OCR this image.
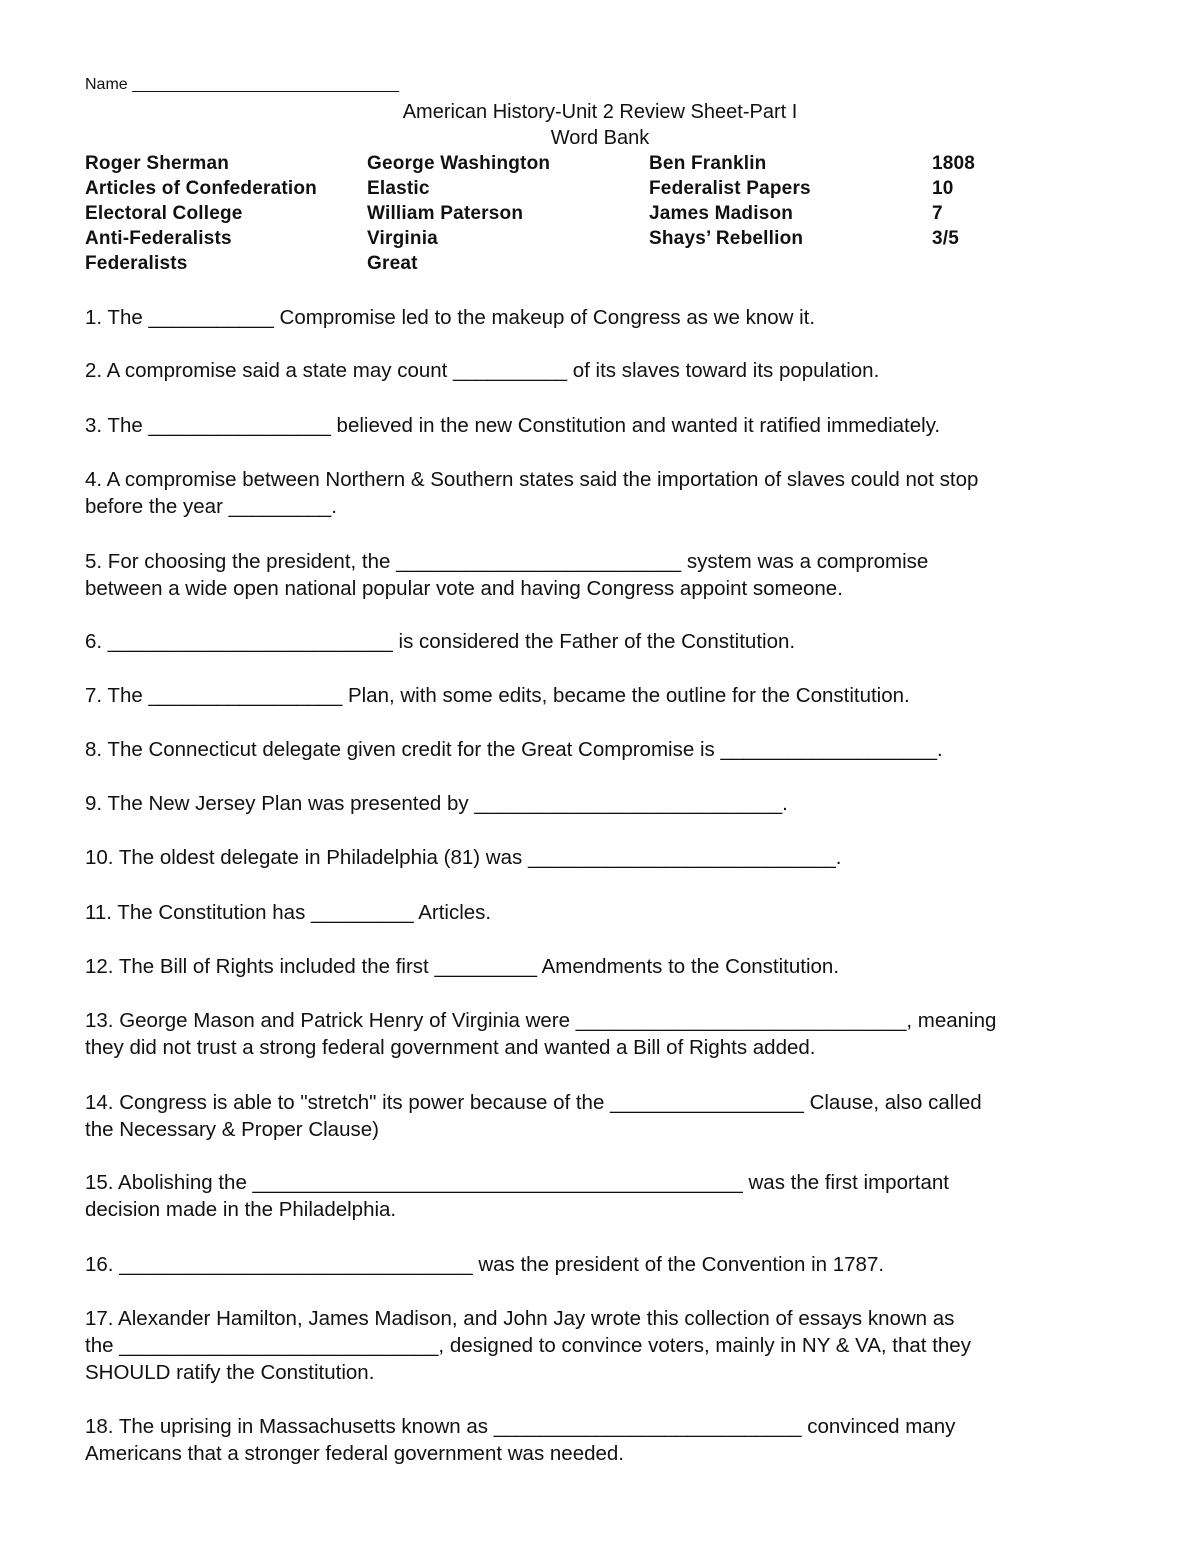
Name ______________________________
American History-Unit 2 Review Sheet-Part I
Word Bank
Roger Sherman
Articles of Confederation
Electoral College
Anti-Federalists
Federalists
George Washington
Elastic
William Paterson
Virginia
Great
Ben Franklin
Federalist Papers
James Madison
Shays’ Rebellion
1808
10
7
3/5
1. The ___________ Compromise led to the makeup of Congress as we know it.
2. A compromise said a state may count __________ of its slaves toward its population.
3. The ________________ believed in the new Constitution and wanted it ratified immediately.
4. A compromise between Northern & Southern states said the importation of slaves could not stop
before the year _________.
5. For choosing the president, the _________________________ system was a compromise
between a wide open national popular vote and having Congress appoint someone.
6. _________________________ is considered the Father of the Constitution.
7. The _________________ Plan, with some edits, became the outline for the Constitution.
8. The Connecticut delegate given credit for the Great Compromise is ___________________.
9. The New Jersey Plan was presented by ___________________________.
10. The oldest delegate in Philadelphia (81) was ___________________________.
11. The Constitution has _________ Articles.
12. The Bill of Rights included the first _________ Amendments to the Constitution.
13. George Mason and Patrick Henry of Virginia were _____________________________, meaning
they did not trust a strong federal government and wanted a Bill of Rights added.
14. Congress is able to "stretch" its power because of the _________________ Clause, also called
the Necessary & Proper Clause)
15. Abolishing the ___________________________________________ was the first important
decision made in the Philadelphia.
16. _______________________________ was the president of the Convention in 1787.
17. Alexander Hamilton, James Madison, and John Jay wrote this collection of essays known as
the ____________________________, designed to convince voters, mainly in NY & VA, that they
SHOULD ratify the Constitution.
18. The uprising in Massachusetts known as ___________________________ convinced many
Americans that a stronger federal government was needed.
